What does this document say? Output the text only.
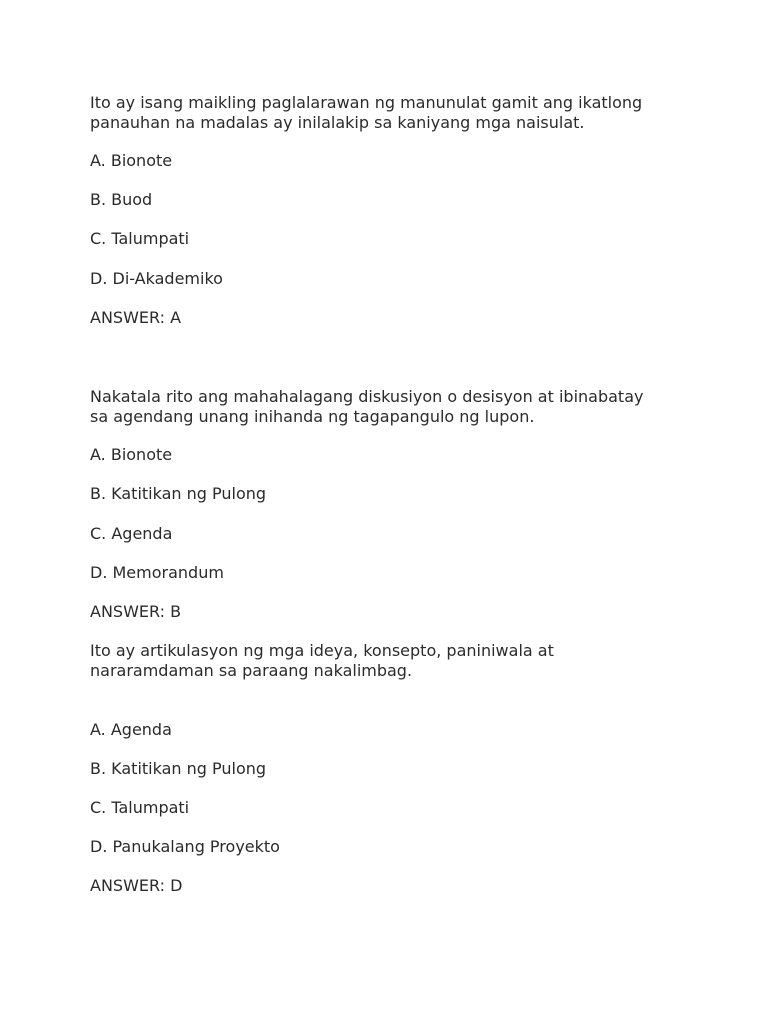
Ito ay isang maikling paglalarawan ng manunulat gamit ang ikatlong
panauhan na madalas ay inilalakip sa kaniyang mga naisulat.
A. Bionote
B. Buod
C. Talumpati
D. Di-Akademiko
ANSWER: A
Nakatala rito ang mahahalagang diskusiyon o desisyon at ibinabatay
sa agendang unang inihanda ng tagapangulo ng lupon.
A. Bionote
B. Katitikan ng Pulong
C. Agenda
D. Memorandum
ANSWER: B
Ito ay artikulasyon ng mga ideya, konsepto, paniniwala at
nararamdaman sa paraang nakalimbag.
A. Agenda
B. Katitikan ng Pulong
C. Talumpati
D. Panukalang Proyekto
ANSWER: D
